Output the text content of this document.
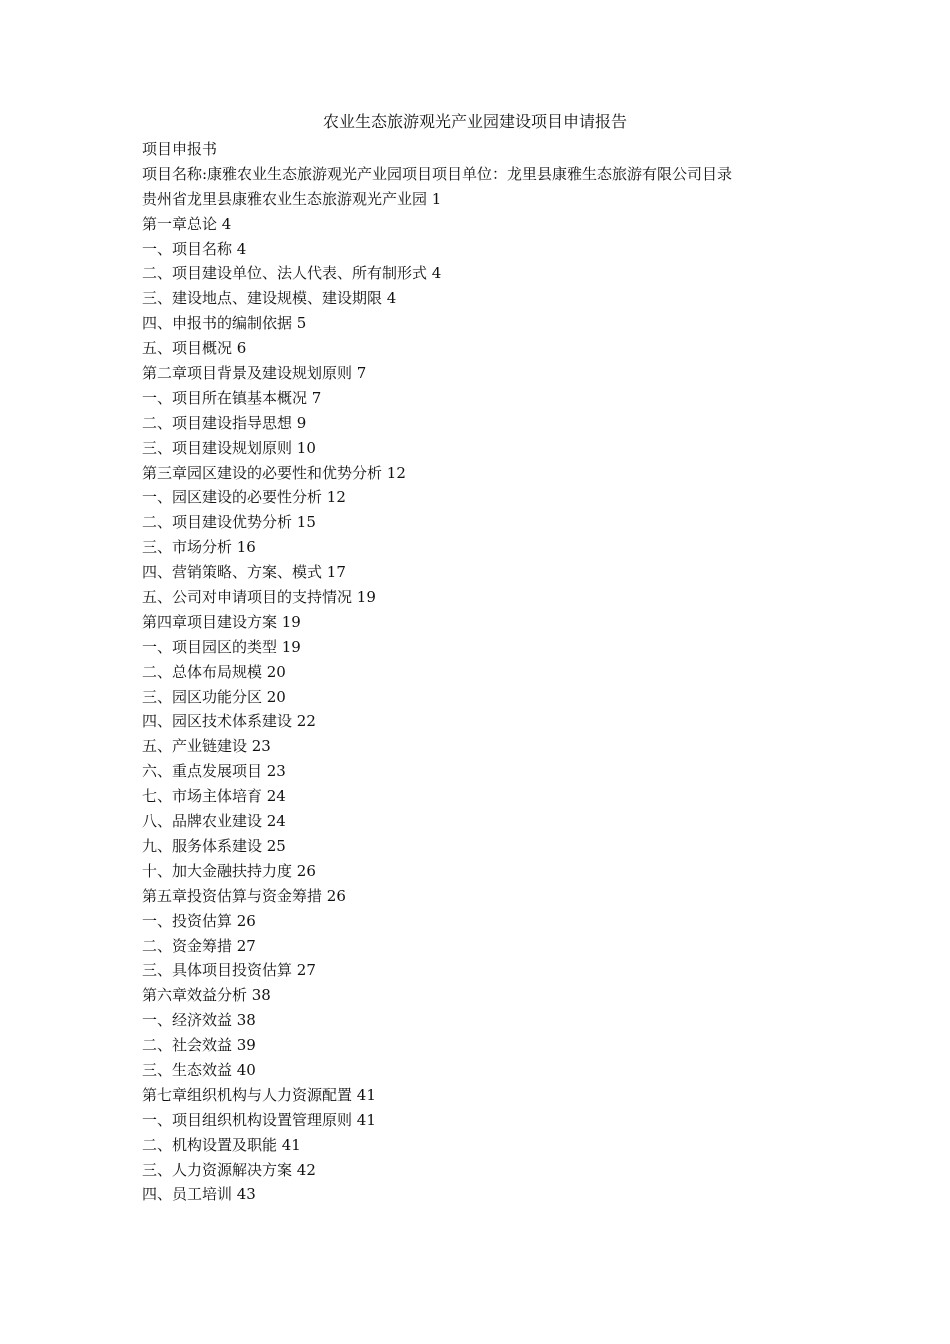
农业生态旅游观光产业园建设项目申请报告
项目申报书
项目名称:康雅农业生态旅游观光产业园项目项目单位：龙里县康雅生态旅游有限公司目录
贵州省龙里县康雅农业生态旅游观光产业园 1
第一章总论 4
一、项目名称 4
二、项目建设单位、法人代表、所有制形式 4
三、建设地点、建设规模、建设期限 4
四、申报书的编制依据 5
五、项目概况 6
第二章项目背景及建设规划原则 7
一、项目所在镇基本概况 7
二、项目建设指导思想 9
三、项目建设规划原则 10
第三章园区建设的必要性和优势分析 12
一、园区建设的必要性分析 12
二、项目建设优势分析 15
三、市场分析 16
四、营销策略、方案、模式 17
五、公司对申请项目的支持情况 19
第四章项目建设方案 19
一、项目园区的类型 19
二、总体布局规模 20
三、园区功能分区 20
四、园区技术体系建设 22
五、产业链建设 23
六、重点发展项目 23
七、市场主体培育 24
八、品牌农业建设 24
九、服务体系建设 25
十、加大金融扶持力度 26
第五章投资估算与资金筹措 26
一、投资估算 26
二、资金筹措 27
三、具体项目投资估算 27
第六章效益分析 38
一、经济效益 38
二、社会效益 39
三、生态效益 40
第七章组织机构与人力资源配置 41
一、项目组织机构设置管理原则 41
二、机构设置及职能 41
三、人力资源解决方案 42
四、员工培训 43
